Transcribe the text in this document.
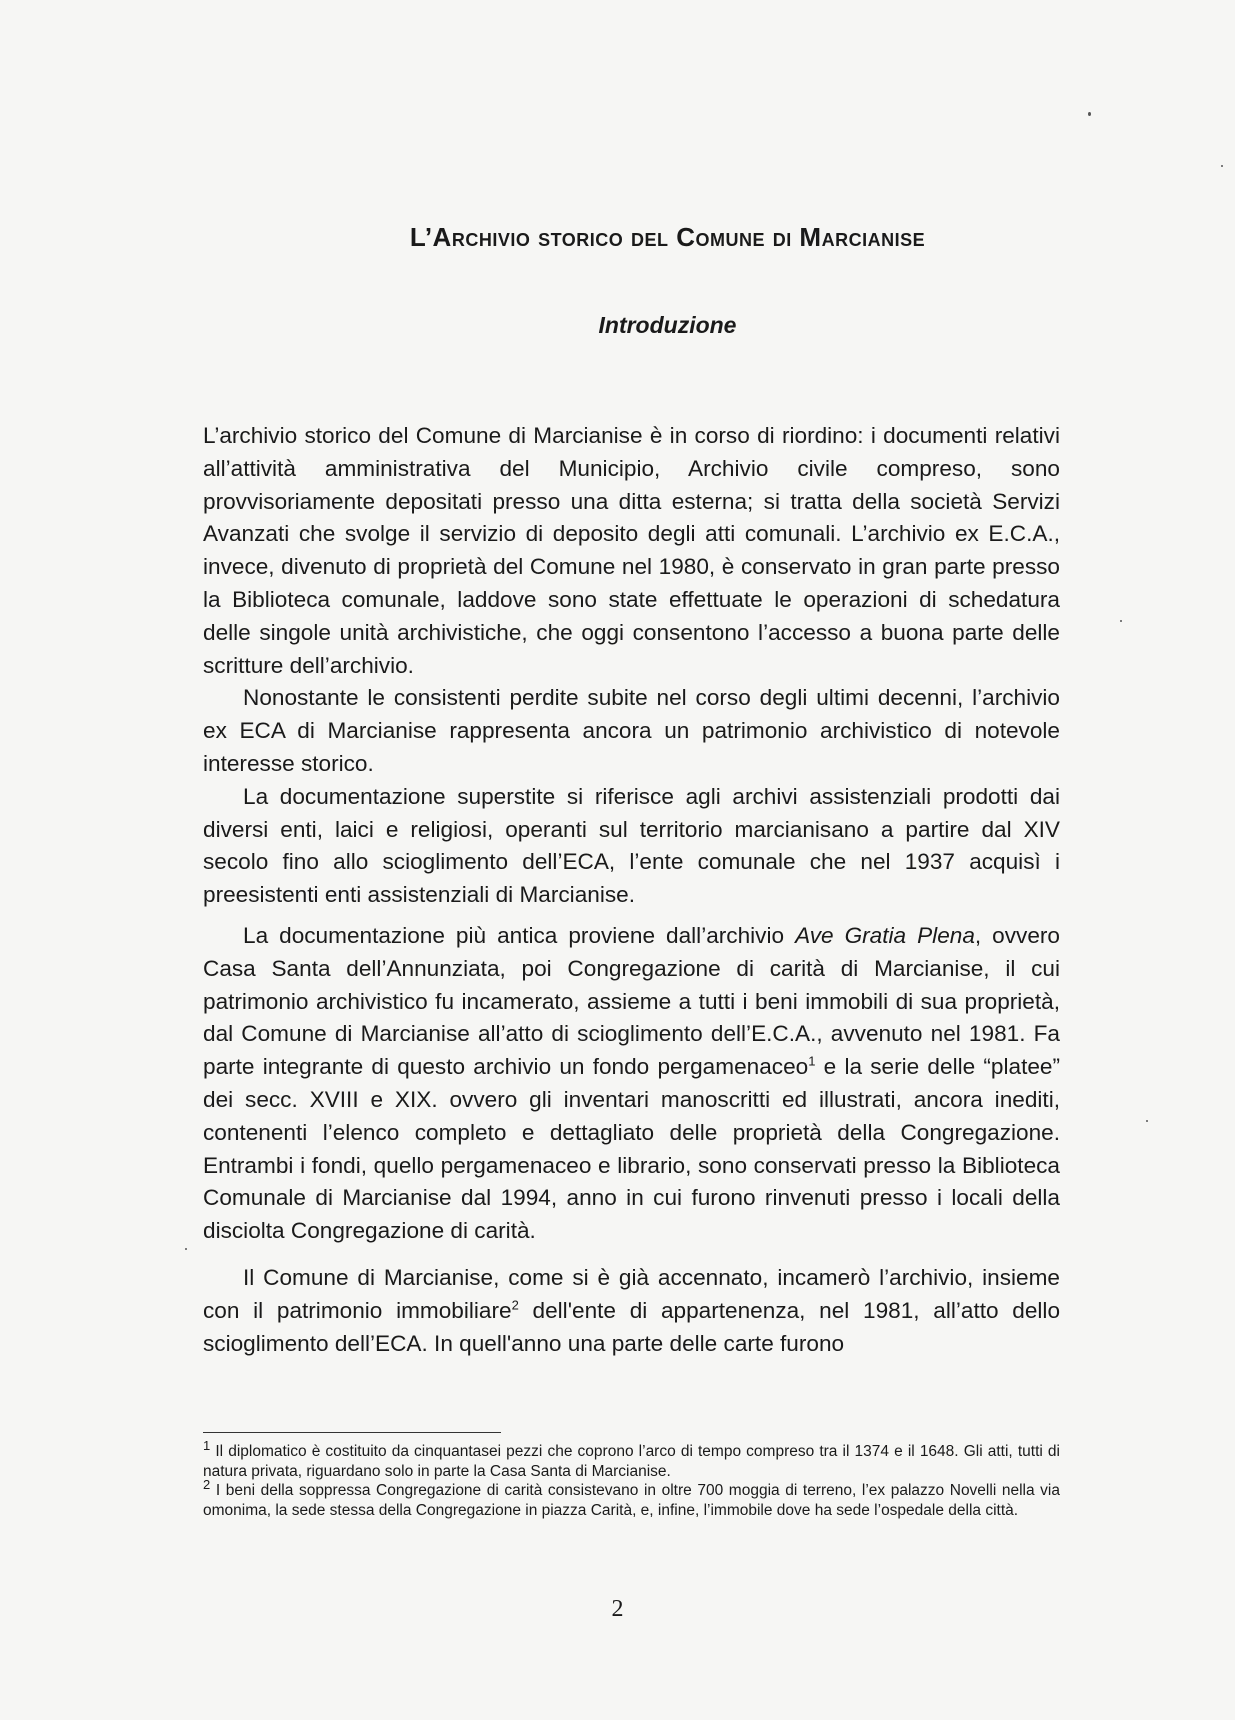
L’Archivio storico del Comune di Marcianise
Introduzione

L’archivio storico del Comune di Marcianise è in corso di riordino: i documenti relativi all’attività amministrativa del Municipio, Archivio civile compreso, sono provvisoriamente depositati presso una ditta esterna; si tratta della società Servizi Avanzati che svolge il servizio di deposito degli atti comunali. L’archivio ex E.C.A., invece, divenuto di proprietà del Comune nel 1980, è conservato in gran parte presso la Biblioteca comunale, laddove sono state effettuate le operazioni di schedatura delle singole unità archivistiche, che oggi consentono l’accesso a buona parte delle scritture dell’archivio.

Nonostante le consistenti perdite subite nel corso degli ultimi decenni, l’archivio ex ECA di Marcianise rappresenta ancora un patrimonio archivistico di notevole interesse storico.

La documentazione superstite si riferisce agli archivi assistenziali prodotti dai diversi enti, laici e religiosi, operanti sul territorio marcianisano a partire dal XIV secolo fino allo scioglimento dell’ECA, l’ente comunale che nel 1937 acquisì i preesistenti enti assistenziali di Marcianise.

La documentazione più antica proviene dall’archivio Ave Gratia Plena, ovvero Casa Santa dell’Annunziata, poi Congregazione di carità di Marcianise, il cui patrimonio archivistico fu incamerato, assieme a tutti i beni immobili di sua proprietà, dal Comune di Marcianise all’atto di scioglimento dell’E.C.A., avvenuto nel 1981. Fa parte integrante di questo archivio un fondo pergamenaceo$^1$ e la serie delle “platee” dei secc. XVIII e XIX. ovvero gli inventari manoscritti ed illustrati, ancora inediti, contenenti l’elenco completo e dettagliato delle proprietà della Congregazione. Entrambi i fondi, quello pergamenaceo e librario, sono conservati presso la Biblioteca Comunale di Marcianise dal 1994, anno in cui furono rinvenuti presso i locali della disciolta Congregazione di carità.

Il Comune di Marcianise, come si è già accennato, incamerò l’archivio, insieme con il patrimonio immobiliare$^2$ dell'ente di appartenenza, nel 1981, all’atto dello scioglimento dell’ECA. In quell'anno una parte delle carte furono

$^1$ Il diplomatico è costituito da cinquantasei pezzi che coprono l’arco di tempo compreso tra il 1374 e il 1648. Gli atti, tutti di natura privata, riguardano solo in parte la Casa Santa di Marcianise.

$^2$ I beni della soppressa Congregazione di carità consistevano in oltre 700 moggia di terreno, l’ex palazzo Novelli nella via omonima, la sede stessa della Congregazione in piazza Carità, e, infine, l’immobile dove ha sede l’ospedale della città.

2
